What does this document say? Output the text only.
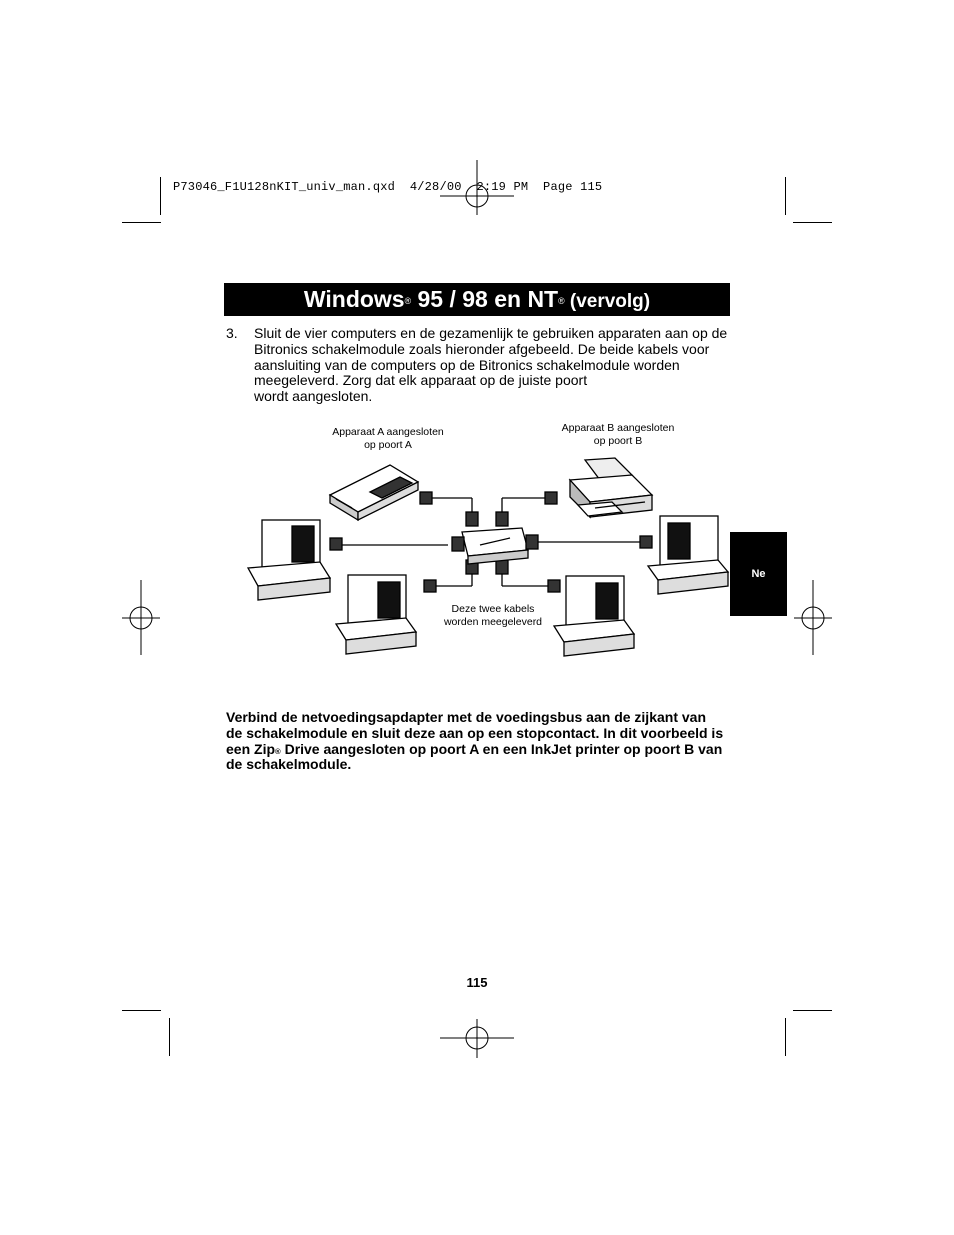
P73046_F1U128nKIT_univ_man.qxd  4/28/00  2:19 PM  Page 115
Windows® 95 / 98 en NT® (vervolg)
3. Sluit de vier computers en de gezamenlijk te gebruiken apparaten aan op de Bitronics schakelmodule zoals hieronder afgebeeld. De beide kabels voor aansluiting van de computers op de Bitronics schakelmodule worden meegeleverd. Zorg dat elk apparaat op de juiste poort
wordt aangesloten.
Apparaat A aangesloten
op poort A
Apparaat B aangesloten
op poort B
Deze twee kabels
worden meegeleverd
Verbind de netvoedingsapdapter met de voedingsbus aan de zijkant van de schakelmodule en sluit deze aan op een stopcontact. In dit voorbeeld is een Zip® Drive aangesloten op poort A en een InkJet printer op poort B van de schakelmodule.
Ne
115
